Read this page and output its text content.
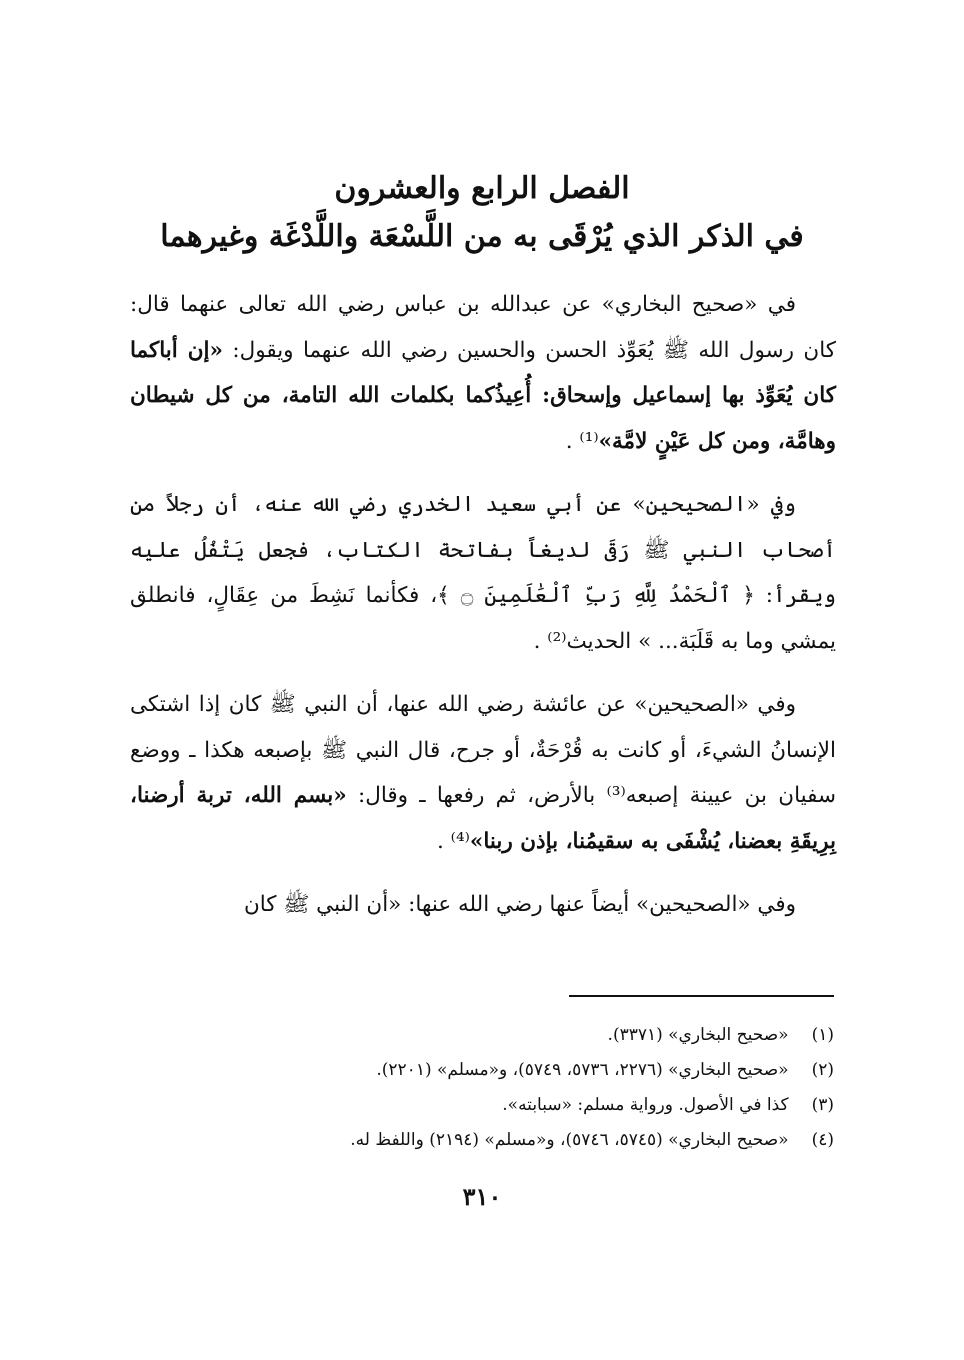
الفصل الرابع والعشرون
في الذكر الذي يُرْقَى به من اللَّسْعَة واللَّدْغَة وغيرهما

في «صحيح البخاري» عن عبدالله بن عباس رضي الله تعالى عنهما قال: كان رسول الله ﷺ يُعَوِّذ الحسن والحسين رضي الله عنهما ويقول: «إن أباكما كان يُعَوِّذ بها إسماعيل وإسحاق: أُعِيذُكما بكلمات الله التامة، من كل شيطان وهامَّة، ومن كل عَيْنٍ لامَّة»⁽¹⁾ .

وفي «الصحيحين» عن أبي سعيد الخدري رضي الله عنه، أن رجلاً من أصحاب النبي ﷺ رَقَى لديغاً بفاتحة الكتاب، فجعل يَتْفُلُ عليه ويقرأ: ﴿ ٱلْحَمْدُ لِلَّهِ رَبِّ ٱلْعَٰلَمِينَ ۝ ﴾، فكأنما نَشِطَ من عِقَالٍ، فانطلق يمشي وما به قَلَبَة... » الحديث⁽²⁾ .

وفي «الصحيحين» عن عائشة رضي الله عنها، أن النبي ﷺ كان إذا اشتكى الإنسانُ الشيءَ، أو كانت به قُرْحَةٌ، أو جرح، قال النبي ﷺ بإصبعه هكذا ـ ووضع سفيان بن عيينة إصبعه⁽³⁾ بالأرض، ثم رفعها ـ وقال: «بسم الله، تربة أرضنا، بِرِيقَةِ بعضنا، يُشْفَى به سقيمُنا، بإذن ربنا»⁽⁴⁾ .

وفي «الصحيحين» أيضاً عنها رضي الله عنها: «أن النبي ﷺ كان

(١) «صحيح البخاري» (٣٣٧١).
(٢) «صحيح البخاري» (٢٢٧٦، ٥٧٣٦، ٥٧٤٩)، و«مسلم» (٢٢٠١).
(٣) كذا في الأصول. ورواية مسلم: «سبابته».
(٤) «صحيح البخاري» (٥٧٤٥، ٥٧٤٦)، و«مسلم» (٢١٩٤) واللفظ له.
٣١٠
